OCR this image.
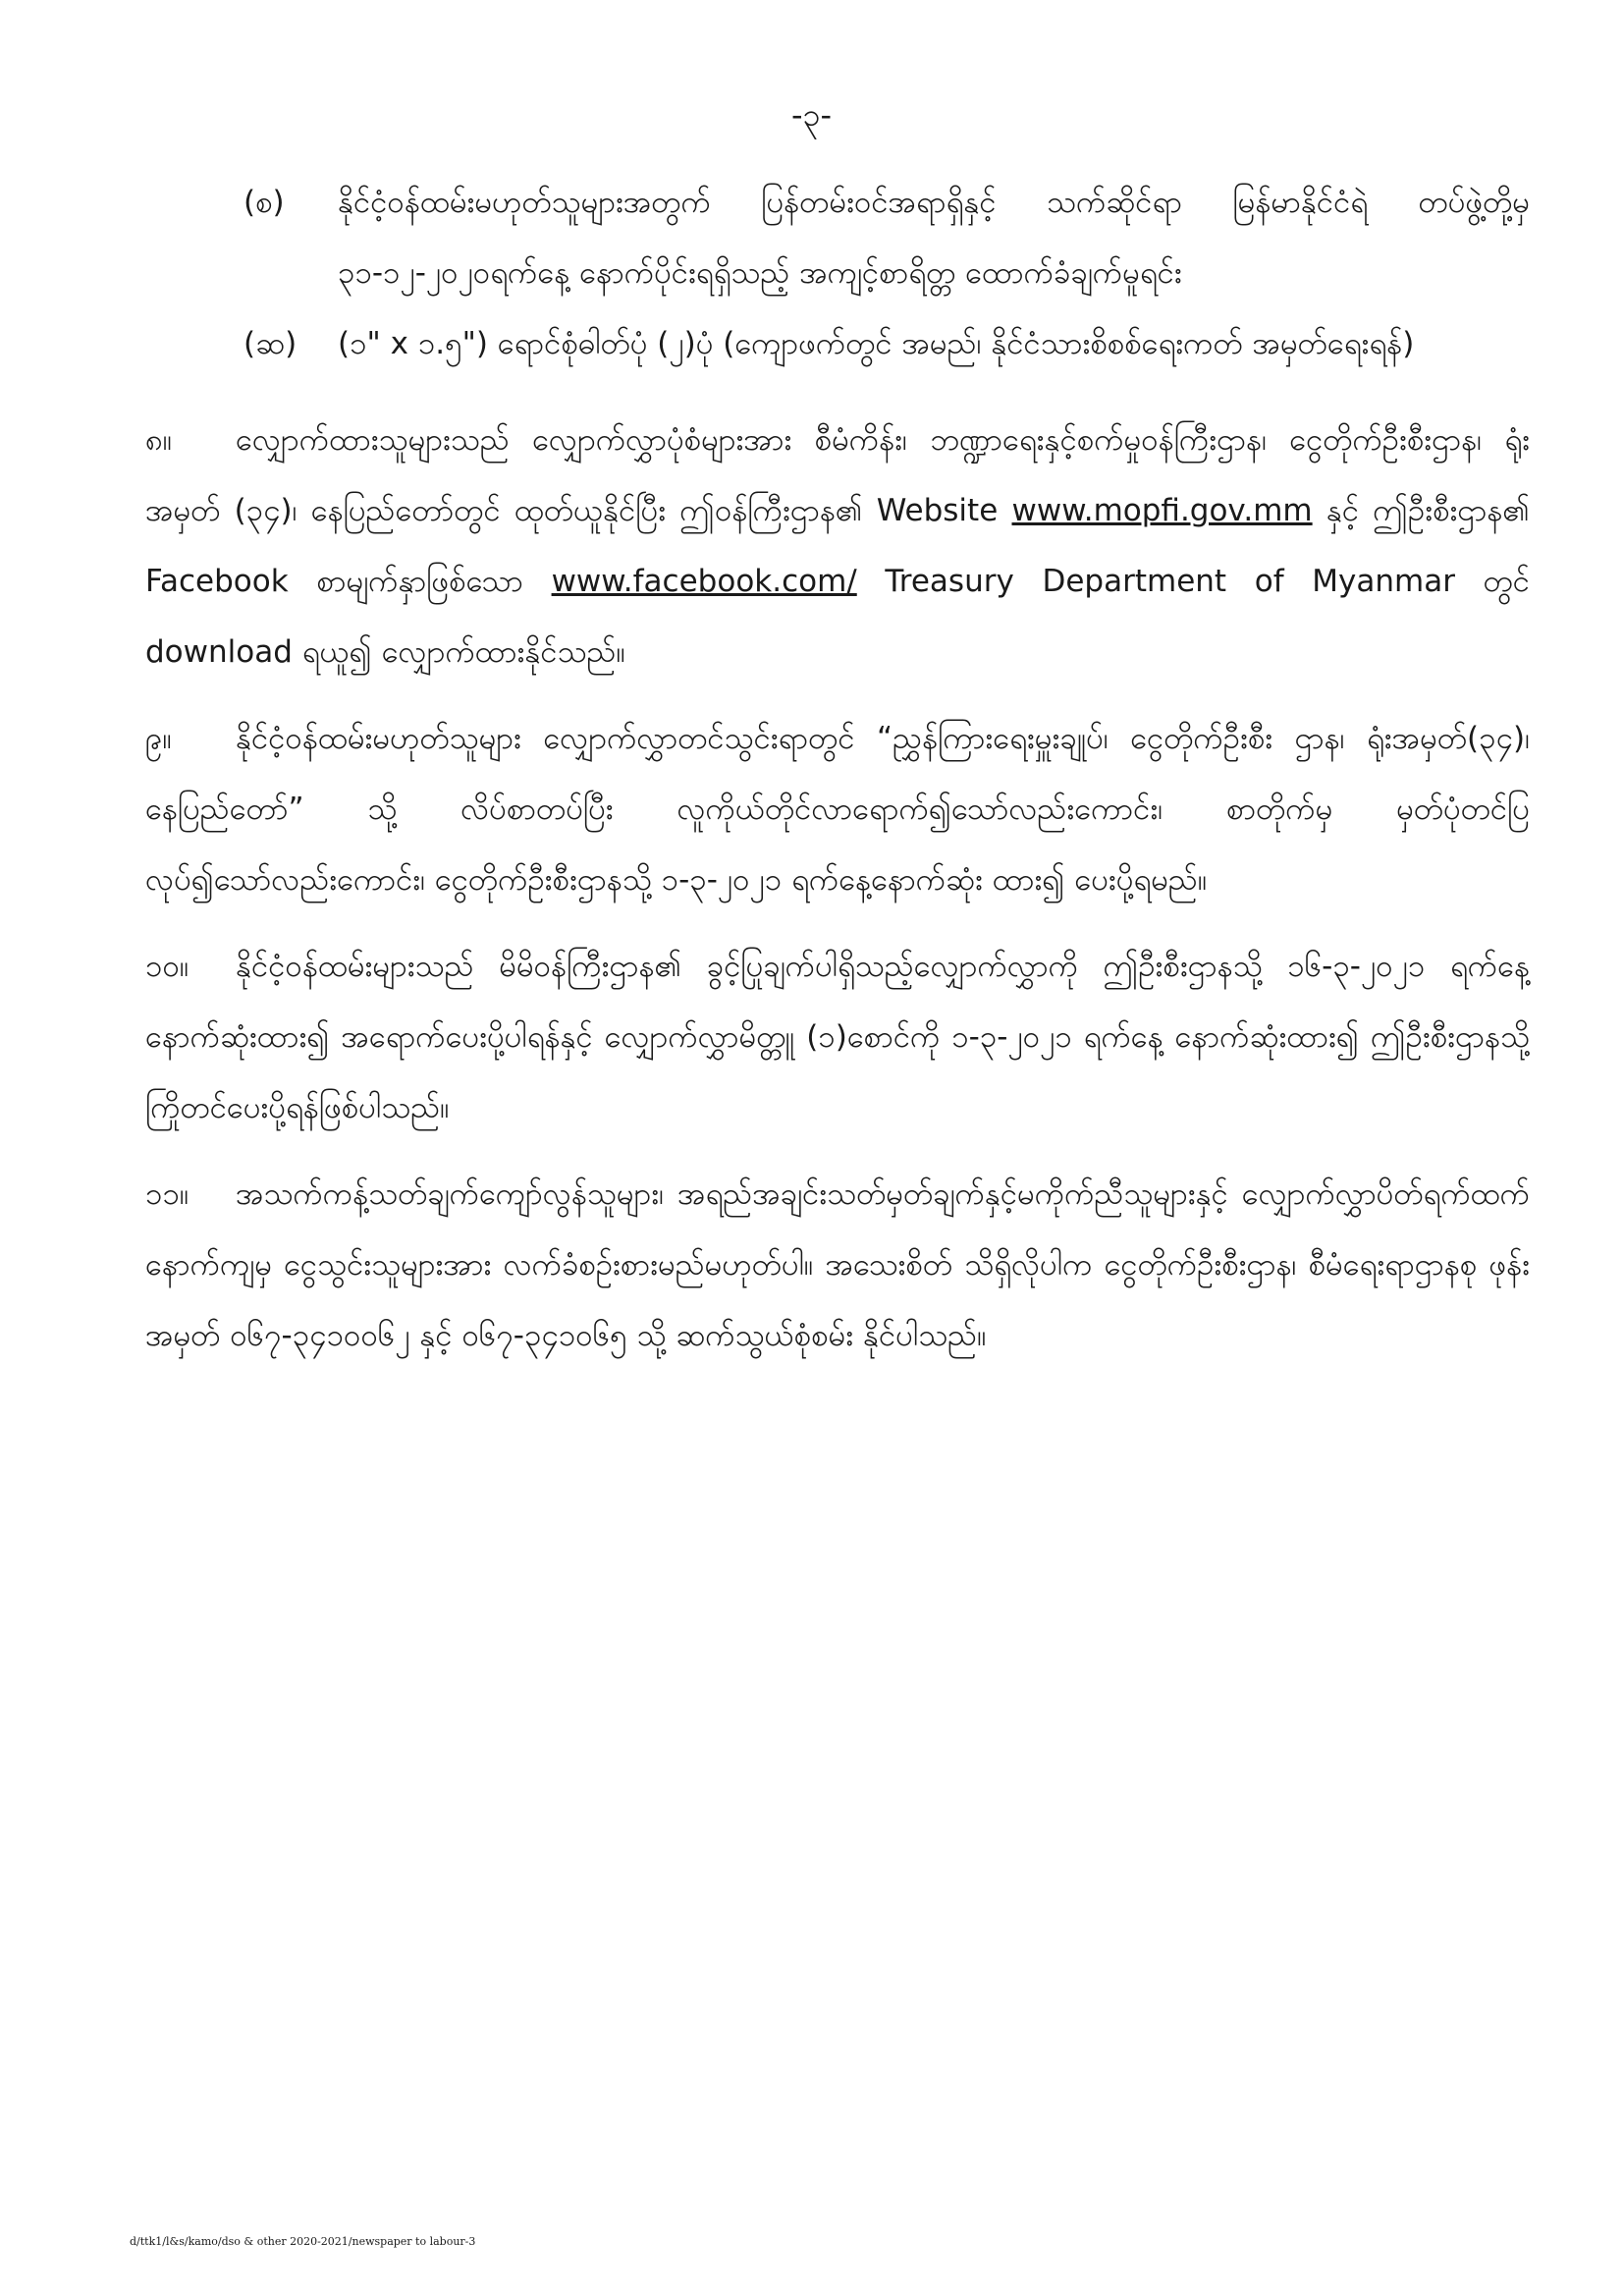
-၃-
(စ)	နိုင်ငံ့ဝန်ထမ်းမဟုတ်သူများအတွက် ပြန်တမ်းဝင်အရာရှိနှင့် သက်ဆိုင်ရာ မြန်မာနိုင်ငံရဲ တပ်ဖွဲ့တို့မှ ၃၁-၁၂-၂၀၂၀ရက်နေ့ နောက်ပိုင်းရရှိသည့် အကျင့်စာရိတ္တ ထောက်ခံချက်မူရင်း
(ဆ)	(၁" x ၁.၅") ရောင်စုံဓါတ်ပုံ (၂)ပုံ (ကျောဖက်တွင် အမည်၊ နိုင်ငံသားစိစစ်ရေးကတ် အမှတ်ရေးရန်)
၈။ လျှောက်ထားသူများသည် လျှောက်လွှာပုံစံများအား စီမံကိန်း၊ ဘဏ္ဍာရေးနှင့်စက်မှုဝန်ကြီးဌာန၊ ငွေတိုက်ဦးစီးဌာန၊ ရုံးအမှတ် (၃၄)၊ နေပြည်တော်တွင် ထုတ်ယူနိုင်ပြီး ဤဝန်ကြီးဌာန၏ Website www.mopfi.gov.mm နှင့် ဤဦးစီးဌာန၏ Facebook စာမျက်နှာဖြစ်သော www.facebook.com/ Treasury Department of Myanmar တွင် download ရယူ၍ လျှောက်ထားနိုင်သည်။
၉။ နိုင်ငံ့ဝန်ထမ်းမဟုတ်သူများ လျှောက်လွှာတင်သွင်းရာတွင် “ညွှန်ကြားရေးမှူးချုပ်၊ ငွေတိုက်ဦးစီး ဌာန၊ ရုံးအမှတ်(၃၄)၊ နေပြည်တော်” သို့ လိပ်စာတပ်ပြီး လူကိုယ်တိုင်လာရောက်၍သော်လည်းကောင်း၊ စာတိုက်မှ မှတ်ပုံတင်ပြလုပ်၍သော်လည်းကောင်း၊ ငွေတိုက်ဦးစီးဌာနသို့ ၁-၃-၂၀၂၁ ရက်နေ့နောက်ဆုံး ထား၍ ပေးပို့ရမည်။
၁၀။ နိုင်ငံ့ဝန်ထမ်းများသည် မိမိဝန်ကြီးဌာန၏ ခွင့်ပြုချက်ပါရှိသည့်လျှောက်လွှာကို ဤဦးစီးဌာနသို့ ၁၆-၃-၂၀၂၁ ရက်နေ့ နောက်ဆုံးထား၍ အရောက်ပေးပို့ပါရန်နှင့် လျှောက်လွှာမိတ္တူ (၁)စောင်ကို ၁-၃-၂၀၂၁ ရက်နေ့ နောက်ဆုံးထား၍ ဤဦးစီးဌာနသို့ ကြိုတင်ပေးပို့ရန်ဖြစ်ပါသည်။
၁၁။ အသက်ကန့်သတ်ချက်ကျော်လွန်သူများ၊ အရည်အချင်းသတ်မှတ်ချက်နှင့်မကိုက်ညီသူများနှင့် လျှောက်လွှာပိတ်ရက်ထက်နောက်ကျမှ ငွေသွင်းသူများအား လက်ခံစဉ်းစားမည်မဟုတ်ပါ။ အသေးစိတ် သိရှိလိုပါက ငွေတိုက်ဦးစီးဌာန၊ စီမံရေးရာဌာနစု ဖုန်းအမှတ် ၀၆၇-၃၄၁၀၀၆၂ နှင့် ၀၆၇-၃၄၁၀၆၅ သို့ ဆက်သွယ်စုံစမ်း နိုင်ပါသည်။
d/ttk1/l&s/kamo/dso & other 2020-2021/newspaper to labour-3
